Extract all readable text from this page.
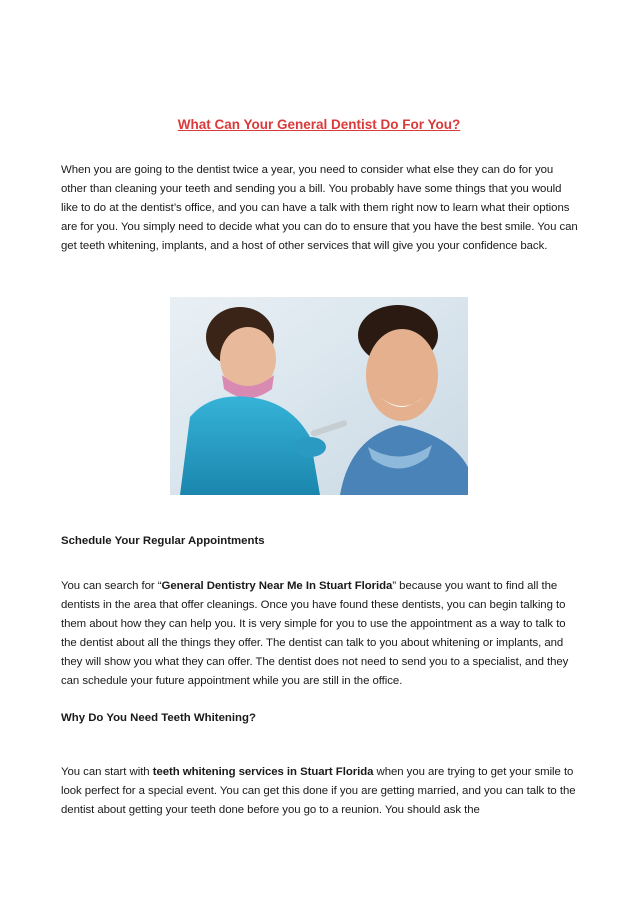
What Can Your General Dentist Do For You?

When you are going to the dentist twice a year, you need to consider what else they can do for you other than cleaning your teeth and sending you a bill. You probably have some things that you would like to do at the dentist’s office, and you can have a talk with them right now to learn what their options are for you. You simply need to decide what you can do to ensure that you have the best smile. You can get teeth whitening, implants, and a host of other services that will give you your confidence back.

Schedule Your Regular Appointments

You can search for “General Dentistry Near Me In Stuart Florida” because you want to find all the dentists in the area that offer cleanings. Once you have found these dentists, you can begin talking to them about how they can help you. It is very simple for you to use the appointment as a way to talk to the dentist about all the things they offer. The dentist can talk to you about whitening or implants, and they will show you what they can offer. The dentist does not need to send you to a specialist, and they can schedule your future appointment while you are still in the office.

Why Do You Need Teeth Whitening?

You can start with teeth whitening services in Stuart Florida when you are trying to get your smile to look perfect for a special event. You can get this done if you are getting married, and you can talk to the dentist about getting your teeth done before you go to a reunion. You should ask the
